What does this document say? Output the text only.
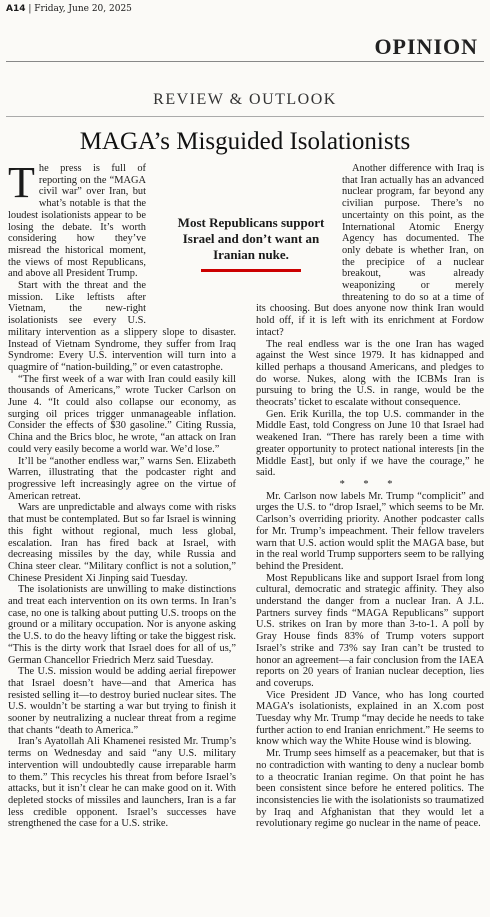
A14 | Friday, June 20, 2025
OPINION
REVIEW & OUTLOOK
MAGA’s Misguided Isolationists
Most Republicans support Israel and don’t want an Iranian nuke.

The press is full of reporting on the “MAGA civil war” over Iran, but what’s notable is that the loudest isolationists appear to be losing the debate. It’s worth considering how they’ve misread the historical moment, the views of most Republicans, and above all President Trump.

Start with the threat and the mission. Like leftists after Vietnam, the new-right isolationists see every U.S. military intervention as a slippery slope to disaster. Instead of Vietnam Syndrome, they suffer from Iraq Syndrome: Every U.S. intervention will turn into a quagmire of “nation-building,” or even catastrophe.

“The first week of a war with Iran could easily kill thousands of Americans,” wrote Tucker Carlson on June 4. “It could also collapse our economy, as surging oil prices trigger unmanageable inflation. Consider the effects of $30 gasoline.” Citing Russia, China and the Brics bloc, he wrote, “an attack on Iran could very easily become a world war. We’d lose.”

It’ll be “another endless war,” warns Sen. Elizabeth Warren, illustrating that the podcaster right and progressive left increasingly agree on the virtue of American retreat.

Wars are unpredictable and always come with risks that must be contemplated. But so far Israel is winning this fight without regional, much less global, escalation. Iran has fired back at Israel, with decreasing missiles by the day, while Russia and China steer clear. “Military conflict is not a solution,” Chinese President Xi Jinping said Tuesday.

The isolationists are unwilling to make distinctions and treat each intervention on its own terms. In Iran’s case, no one is talking about putting U.S. troops on the ground or a military occupation. Nor is anyone asking the U.S. to do the heavy lifting or take the biggest risk. “This is the dirty work that Israel does for all of us,” German Chancellor Friedrich Merz said Tuesday.

The U.S. mission would be adding aerial firepower that Israel doesn’t have—and that America has resisted selling it—to destroy buried nuclear sites. The U.S. wouldn’t be starting a war but trying to finish it sooner by neutralizing a nuclear threat from a regime that chants “death to America.”

Iran’s Ayatollah Ali Khamenei resisted Mr. Trump’s terms on Wednesday and said “any U.S. military intervention will undoubtedly cause irreparable harm to them.” This recycles his threat from before Israel’s attacks, but it isn’t clear he can make good on it. With depleted stocks of missiles and launchers, Iran is a far less credible opponent. Israel’s successes have strengthened the case for a U.S. strike.

Another difference with Iraq is that Iran actually has an advanced nuclear program, far beyond any civilian purpose. There’s no uncertainty on this point, as the International Atomic Energy Agency has documented. The only debate is whether Iran, on the precipice of a nuclear breakout, was already weaponizing or merely threatening to do so at a time of its choosing. But does anyone now think Iran would hold off, if it is left with its enrichment at Fordow intact?

The real endless war is the one Iran has waged against the West since 1979. It has kidnapped and killed perhaps a thousand Americans, and pledges to do worse. Nukes, along with the ICBMs Iran is pursuing to bring the U.S. in range, would be the theocrats’ ticket to escalate without consequence.

Gen. Erik Kurilla, the top U.S. commander in the Middle East, told Congress on June 10 that Israel had weakened Iran. “There has rarely been a time with greater opportunity to protect national interests [in the Middle East], but only if we have the courage,” he said.

* * *

Mr. Carlson now labels Mr. Trump “complicit” and urges the U.S. to “drop Israel,” which seems to be Mr. Carlson’s overriding priority. Another podcaster calls for Mr. Trump’s impeachment. Their fellow travelers warn that U.S. action would split the MAGA base, but in the real world Trump supporters seem to be rallying behind the President.

Most Republicans like and support Israel from long cultural, democratic and strategic affinity. They also understand the danger from a nuclear Iran. A J.L. Partners survey finds “MAGA Republicans” support U.S. strikes on Iran by more than 3-to-1. A poll by Gray House finds 83% of Trump voters support Israel’s strike and 73% say Iran can’t be trusted to honor an agreement—a fair conclusion from the IAEA reports on 20 years of Iranian nuclear deception, lies and coverups.

Vice President JD Vance, who has long courted MAGA’s isolationists, explained in an X.com post Tuesday why Mr. Trump “may decide he needs to take further action to end Iranian enrichment.” He seems to know which way the White House wind is blowing.

Mr. Trump sees himself as a peacemaker, but that is no contradiction with wanting to deny a nuclear bomb to a theocratic Iranian regime. On that point he has been consistent since before he entered politics. The inconsistencies lie with the isolationists so traumatized by Iraq and Afghanistan that they would let a revolutionary regime go nuclear in the name of peace.
